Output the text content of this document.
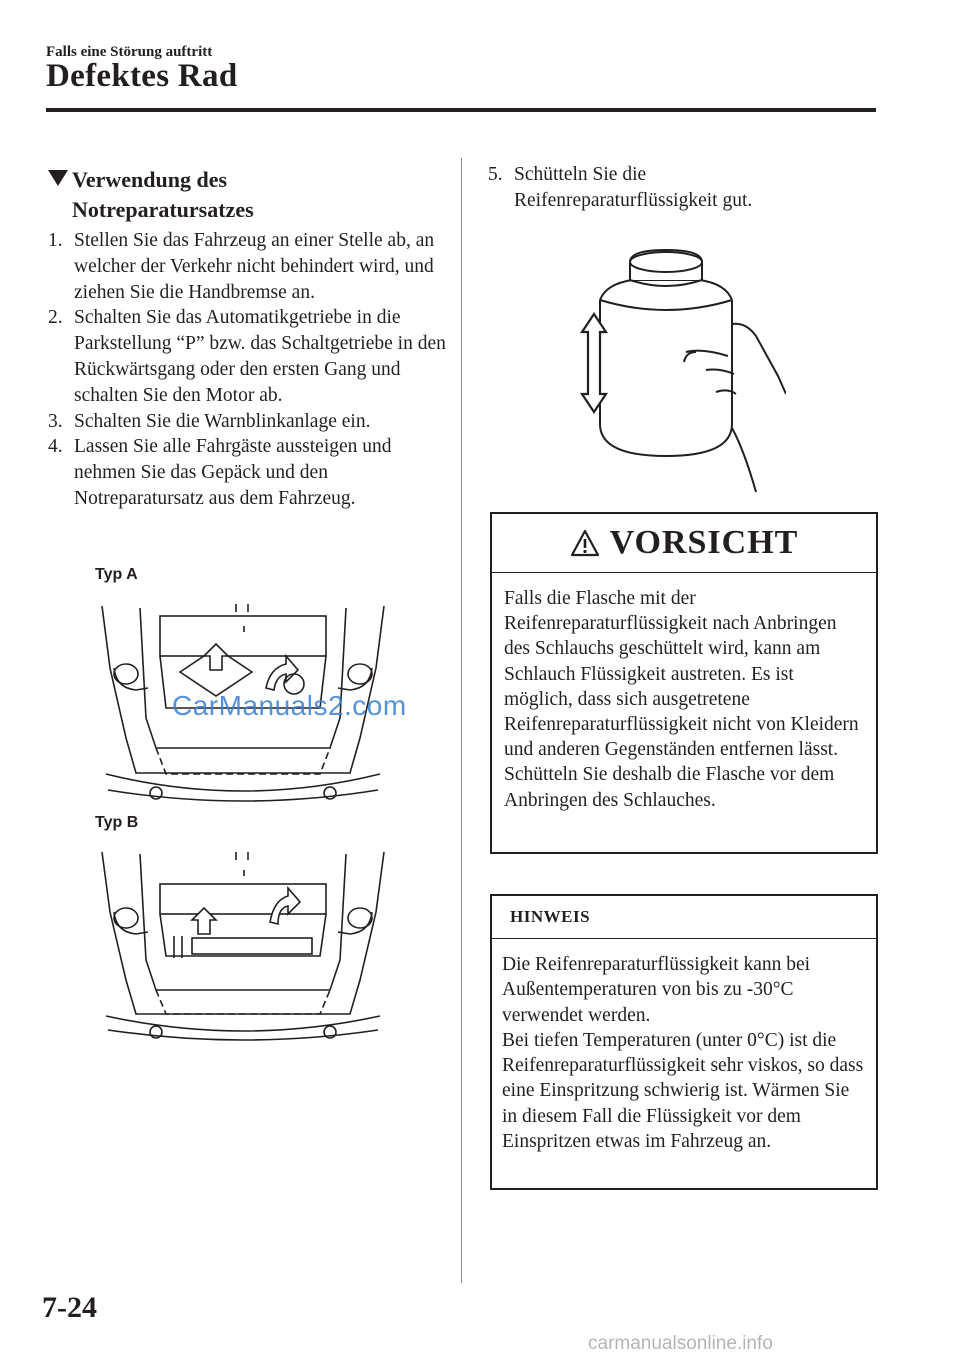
Falls eine Störung auftritt
Defektes Rad
Verwendung des
Notreparatursatzes
1. Stellen Sie das Fahrzeug an einer Stelle ab, an welcher der Verkehr nicht behindert wird, und ziehen Sie die Handbremse an.
2. Schalten Sie das Automatikgetriebe in die Parkstellung “P” bzw. das Schaltgetriebe in den Rückwärtsgang oder den ersten Gang und schalten Sie den Motor ab.
3. Schalten Sie die Warnblinkanlage ein.
4. Lassen Sie alle Fahrgäste aussteigen und nehmen Sie das Gepäck und den Notreparatursatz aus dem Fahrzeug.
Typ A
CarManuals2.com
Typ B
5. Schütteln Sie die Reifenreparaturflüssigkeit gut.
VORSICHT
Falls die Flasche mit der Reifenreparaturflüssigkeit nach Anbringen des Schlauchs geschüttelt wird, kann am Schlauch Flüssigkeit austreten. Es ist möglich, dass sich ausgetretene Reifenreparaturflüssigkeit nicht von Kleidern und anderen Gegenständen entfernen lässt. Schütteln Sie deshalb die Flasche vor dem Anbringen des Schlauches.
HINWEIS
Die Reifenreparaturflüssigkeit kann bei Außentemperaturen von bis zu -30°C verwendet werden.
Bei tiefen Temperaturen (unter 0°C) ist die Reifenreparaturflüssigkeit sehr viskos, so dass eine Einspritzung schwierig ist. Wärmen Sie in diesem Fall die Flüssigkeit vor dem Einspritzen etwas im Fahrzeug an.
7-24
carmanualsonline.info
